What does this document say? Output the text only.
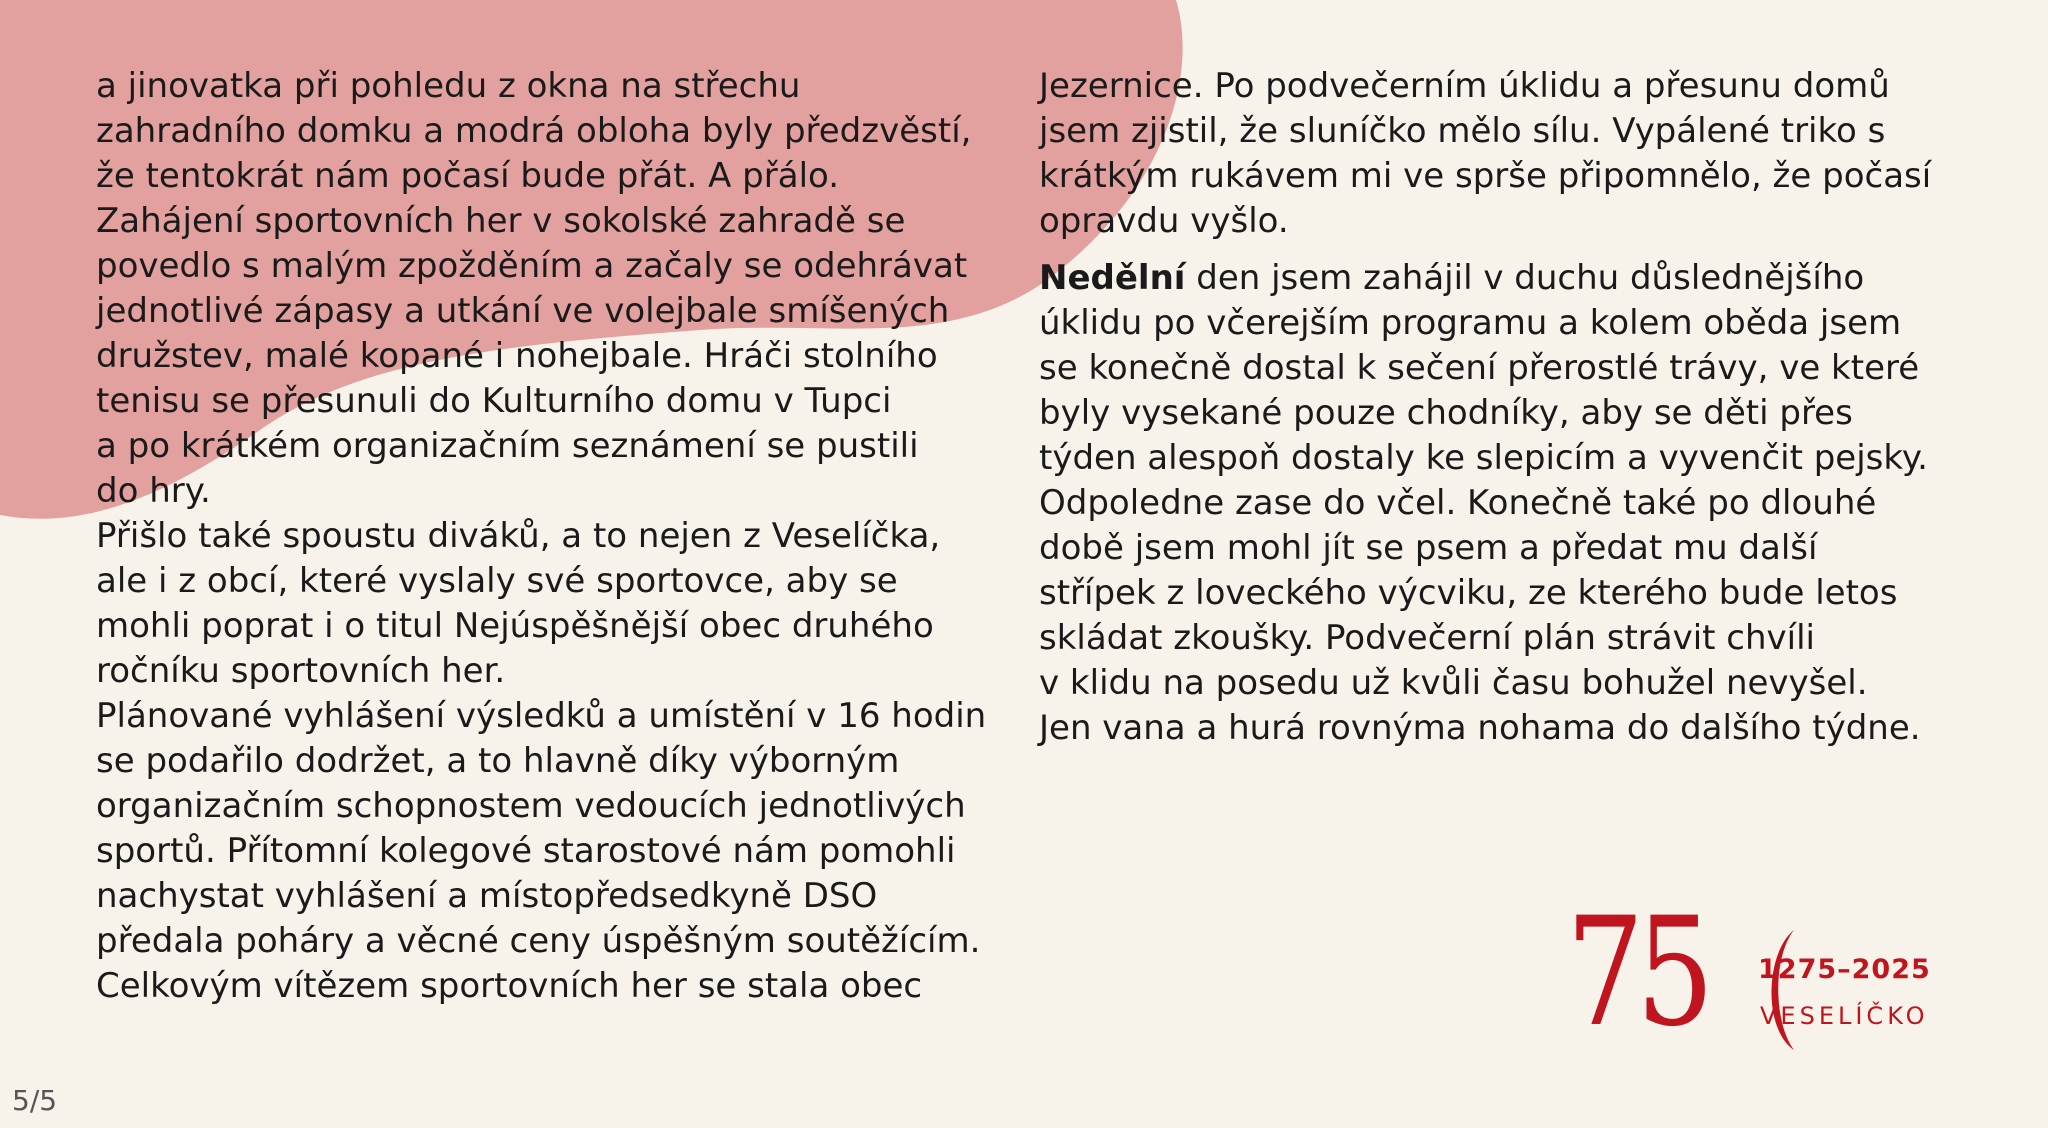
a jinovatka při pohledu z okna na střechu

zahradního domku a modrá obloha byly předzvěstí,

že tentokrát nám počasí bude přát. A přálo.

Zahájení sportovních her v sokolské zahradě se

povedlo s malým zpožděním a začaly se odehrávat

jednotlivé zápasy a utkání ve volejbale smíšených

družstev, malé kopané i nohejbale. Hráči stolního

tenisu se přesunuli do Kulturního domu v Tupci

a po krátkém organizačním seznámení se pustili

do hry.

Přišlo také spoustu diváků, a to nejen z Veselíčka,

ale i z obcí, které vyslaly své sportovce, aby se

mohli poprat i o titul Nejúspěšnější obec druhého

ročníku sportovních her.

Plánované vyhlášení výsledků a umístění v 16 hodin

se podařilo dodržet, a to hlavně díky výborným

organizačním schopnostem vedoucích jednotlivých

sportů. Přítomní kolegové starostové nám pomohli

nachystat vyhlášení a místopředsedkyně DSO

předala poháry a věcné ceny úspěšným soutěžícím.

Celkovým vítězem sportovních her se stala obec

Jezernice. Po podvečerním úklidu a přesunu domů

jsem zjistil, že sluníčko mělo sílu. Vypálené triko s

krátkým rukávem mi ve sprše připomnělo, že počasí

opravdu vyšlo.

Nedělní den jsem zahájil v duchu důslednějšího

úklidu po včerejším programu a kolem oběda jsem

se konečně dostal k sečení přerostlé trávy, ve které

byly vysekané pouze chodníky, aby se děti přes

týden alespoň dostaly ke slepicím a vyvenčit pejsky.

Odpoledne zase do včel. Konečně také po dlouhé

době jsem mohl jít se psem a předat mu další

střípek z loveckého výcviku, ze kterého bude letos

skládat zkoušky. Podvečerní plán strávit chvíli

v klidu na posedu už kvůli času bohužel nevyšel.

Jen vana a hurá rovnýma nohama do dalšího týdne.

5/5
75 1275–2025
VESELÍČKO
